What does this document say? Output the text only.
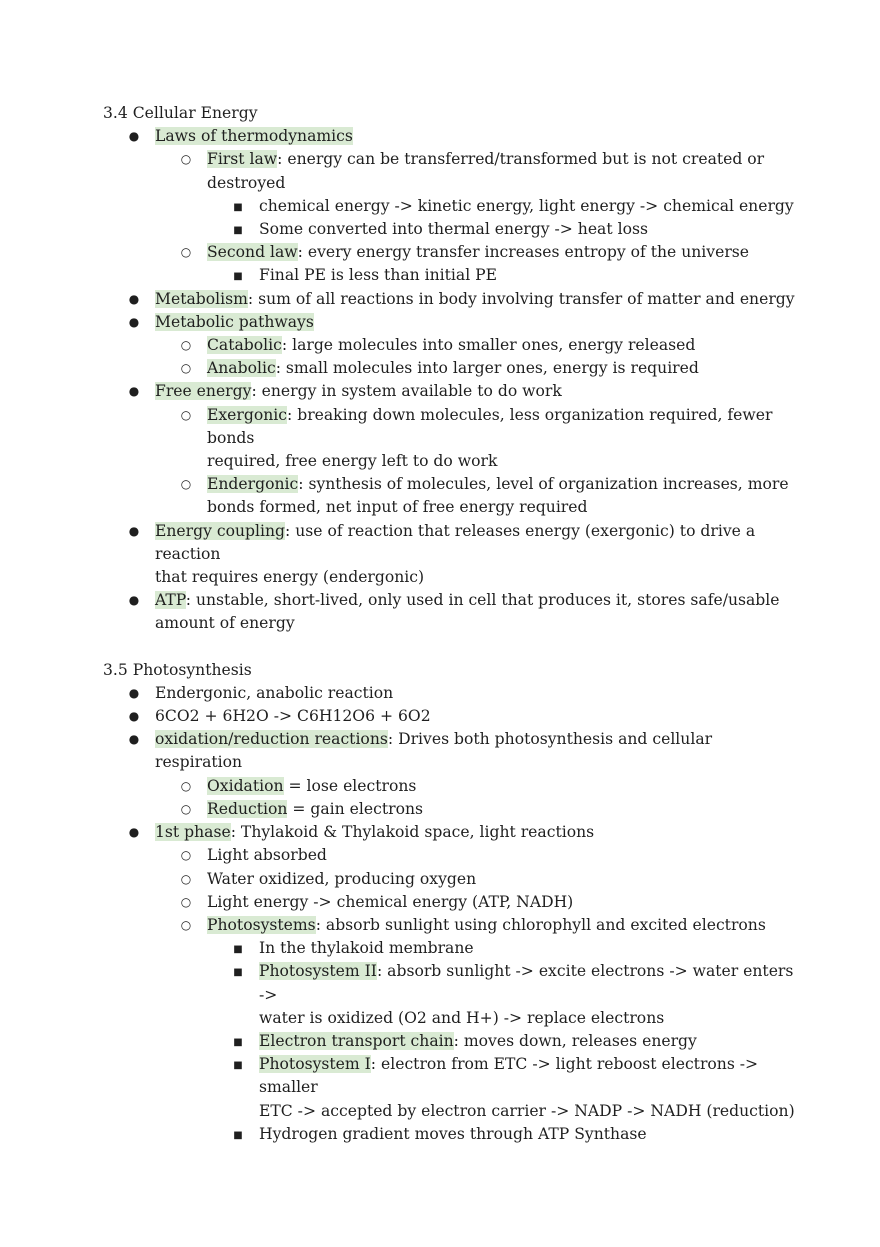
3.4 Cellular Energy
●
Laws of thermodynamics
○
First law: energy can be transferred/transformed but is not created or
destroyed
■
chemical energy -> kinetic energy, light energy -> chemical energy
■
Some converted into thermal energy -> heat loss
○
Second law: every energy transfer increases entropy of the universe
■
Final PE is less than initial PE
●
Metabolism: sum of all reactions in body involving transfer of matter and energy
●
Metabolic pathways
○
Catabolic: large molecules into smaller ones, energy released
○
Anabolic: small molecules into larger ones, energy is required
●
Free energy: energy in system available to do work
○
Exergonic: breaking down molecules, less organization required, fewer bonds
required, free energy left to do work
○
Endergonic: synthesis of molecules, level of organization increases, more
bonds formed, net input of free energy required
●
Energy coupling: use of reaction that releases energy (exergonic) to drive a reaction
that requires energy (endergonic)
●
ATP: unstable, short-lived, only used in cell that produces it, stores safe/usable
amount of energy
3.5 Photosynthesis
●
Endergonic, anabolic reaction
●
6CO2 + 6H2O -> C6H12O6 + 6O2
●
oxidation/reduction reactions: Drives both photosynthesis and cellular respiration
○
Oxidation = lose electrons
○
Reduction = gain electrons
●
1st phase: Thylakoid & Thylakoid space, light reactions
○
Light absorbed
○
Water oxidized, producing oxygen
○
Light energy -> chemical energy (ATP, NADH)
○
Photosystems: absorb sunlight using chlorophyll and excited electrons
■
In the thylakoid membrane
■
Photosystem II: absorb sunlight -> excite electrons -> water enters ->
water is oxidized (O2 and H+) -> replace electrons
■
Electron transport chain: moves down, releases energy
■
Photosystem I: electron from ETC -> light reboost electrons -> smaller
ETC -> accepted by electron carrier -> NADP -> NADH (reduction)
■
Hydrogen gradient moves through ATP Synthase
